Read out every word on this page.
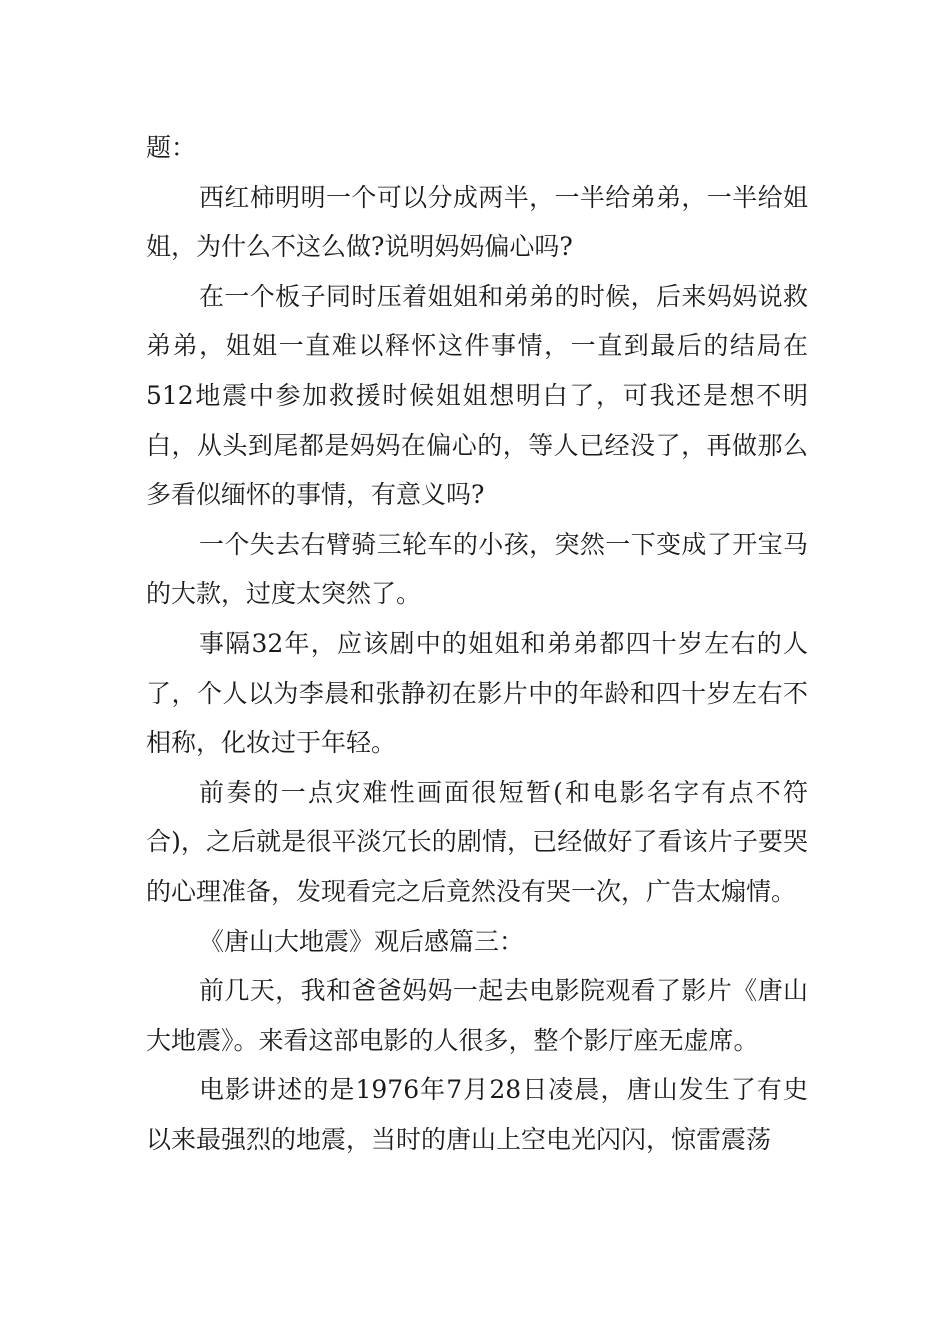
题：

西红柿明明一个可以分成两半，一半给弟弟，一半给姐姐，为什么不这么做?说明妈妈偏心吗?

在一个板子同时压着姐姐和弟弟的时候，后来妈妈说救弟弟，姐姐一直难以释怀这件事情，一直到最后的结局在512地震中参加救援时候姐姐想明白了，可我还是想不明白，从头到尾都是妈妈在偏心的，等人已经没了，再做那么多看似缅怀的事情，有意义吗?

一个失去右臂骑三轮车的小孩，突然一下变成了开宝马的大款，过度太突然了。

事隔32年，应该剧中的姐姐和弟弟都四十岁左右的人了，个人以为李晨和张静初在影片中的年龄和四十岁左右不相称，化妆过于年轻。

前奏的一点灾难性画面很短暂(和电影名字有点不符合)，之后就是很平淡冗长的剧情，已经做好了看该片子要哭的心理准备，发现看完之后竟然没有哭一次，广告太煽情。

《唐山大地震》观后感篇三：

前几天，我和爸爸妈妈一起去电影院观看了影片《唐山大地震》。来看这部电影的人很多，整个影厅座无虚席。

电影讲述的是1976年7月28日凌晨，唐山发生了有史以来最强烈的地震，当时的唐山上空电光闪闪，惊雷震荡
